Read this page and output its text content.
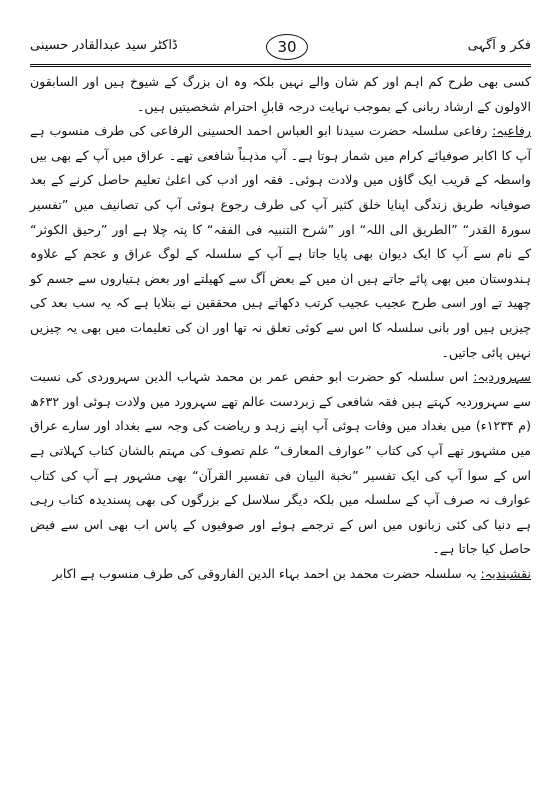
فکر و آگہی
30
ڈاکٹر سید عبدالقادر حسینی

کسی بھی طرح کم اہم اور کم شان والے نہیں بلکہ وہ ان بزرگ کے شیوخ ہیں اور السابقون الاولون کے ارشاد ربانی کے بموجب نہایت درجہ قابلِ احترام شخصیتیں ہیں۔

رفاعیہ: رفاعی سلسلہ حضرت سیدنا ابو العباس احمد الحسینی الرفاعی کی طرف منسوب ہے آپ کا اکابر صوفیائے کرام میں شمار ہوتا ہے۔ آپ مذہباً شافعی تھے۔ عراق میں آپ کے بھی بیں واسطہ کے قریب ایک گاؤں میں ولادت ہوئی۔ فقہ اور ادب کی اعلیٰ تعلیم حاصل کرنے کے بعد صوفیانہ طریق زندگی اپنایا خلق کثیر آپ کی طرف رجوع ہوئی آپ کی تصانیف میں ”تفسیر سورۃ القدر“ ”الطریق الی اللہ“ اور ”شرح التنبیہ فی الفقہ“ کا پتہ چلا ہے اور ”رحیق الکوثر“ کے نام سے آپ کا ایک دیوان بھی پایا جاتا ہے آپ کے سلسلہ کے لوگ عراق و عجم کے علاوہ ہندوستان میں بھی پائے جاتے ہیں ان میں کے بعض آگ سے کھیلتے اور بعض ہتیاروں سے جسم کو چھید تے اور اسی طرح عجیب عجیب کرتب دکھاتے ہیں محققین نے بتلایا ہے کہ یہ سب بعد کی چیزیں ہیں اور بانی سلسلہ کا اس سے کوئی تعلق نہ تھا اور ان کی تعلیمات میں بھی یہ چیزیں نہیں پائی جاتیں۔

سہروردیہ: اس سلسلہ کو حضرت ابو حفص عمر بن محمد شہاب الدین سہروردی کی نسبت سے سہروردیہ کہتے ہیں فقہ شافعی کے زبردست عالم تھے سہرورد میں ولادت ہوئی اور ۶۳۲ھ (م ۱۲۳۴ء) میں بغداد میں وفات ہوئی آپ اپنے زہد و ریاضت کی وجہ سے بغداد اور سارے عراق میں مشہور تھے آپ کی کتاب ”عوارف المعارف“ علم تصوف کی مہتم بالشان کتاب کہلاتی ہے اس کے سوا آپ کی ایک تفسیر ”نخبة البیان فی تفسیر القرآن“ بھی مشہور ہے آپ کی کتاب عوارف نہ صرف آپ کے سلسلہ میں بلکہ دیگر سلاسل کے بزرگوں کی بھی پسندیدہ کتاب رہی ہے دنیا کی کئی زبانوں میں اس کے ترجمے ہوئے اور صوفیوں کے پاس اب بھی اس سے فیض حاصل کیا جاتا ہے۔

نقشبندیہ: یہ سلسلہ حضرت محمد بن احمد بہاء الدین الفاروقی کی طرف منسوب ہے اکابر
